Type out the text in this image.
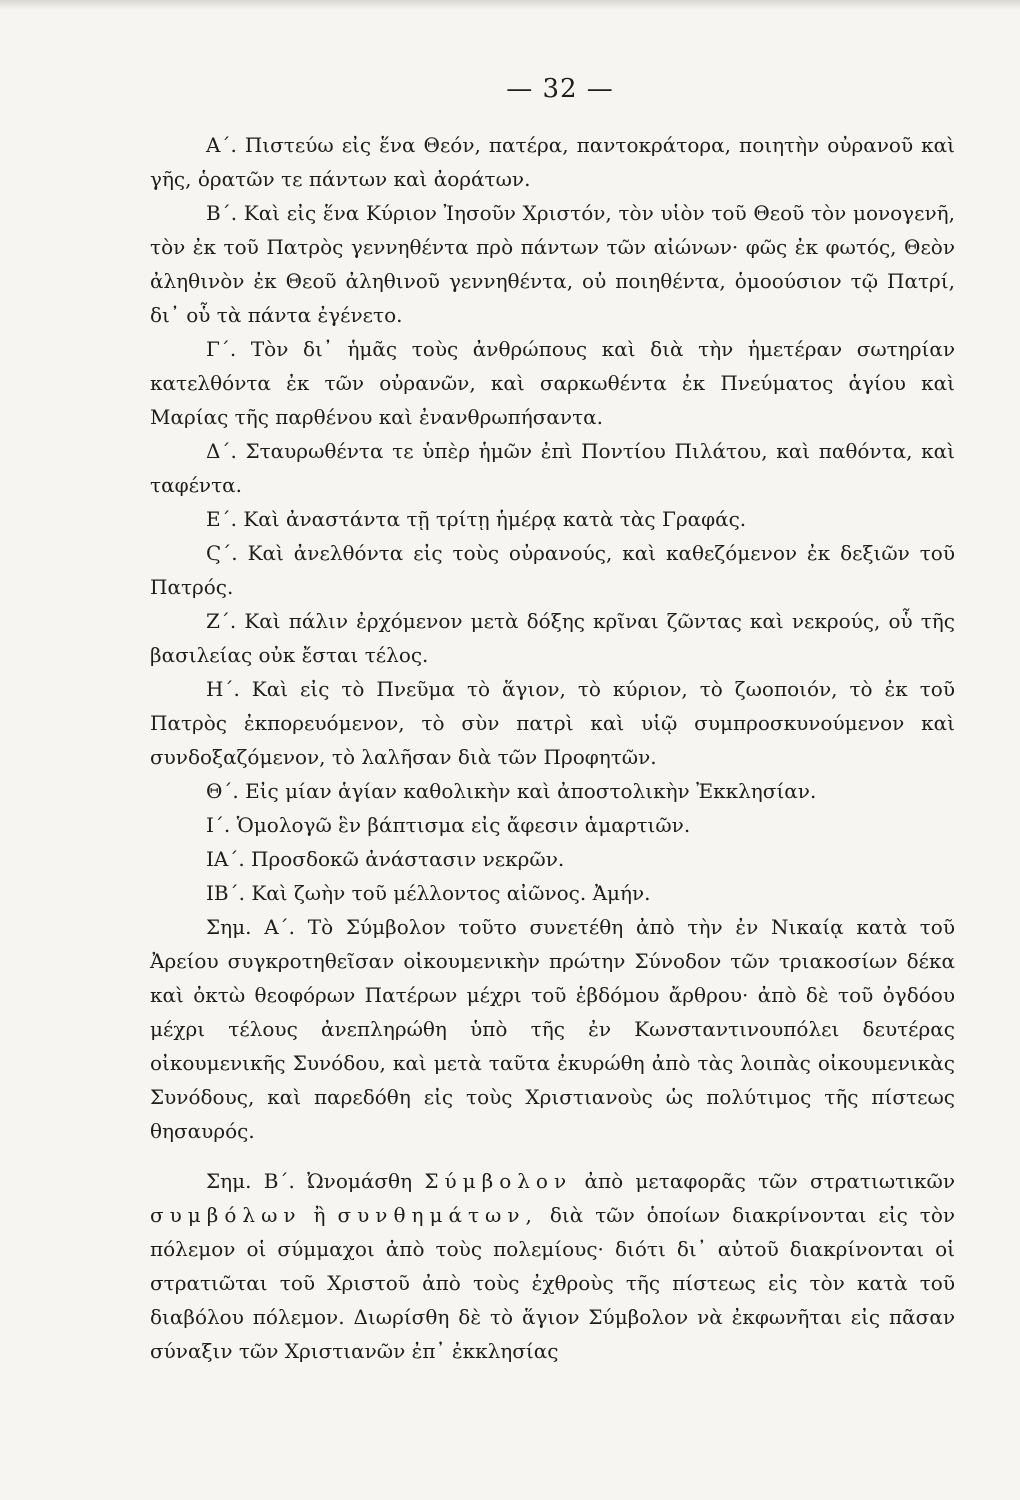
— 32 —

Α΄. Πιστεύω εἰς ἕνα Θεόν, πατέρα, παντοκράτορα, ποιητὴν οὐρανοῦ καὶ γῆς, ὁρατῶν τε πάντων καὶ ἀοράτων.

Β΄. Καὶ εἰς ἕνα Κύριον Ἰησοῦν Χριστόν, τὸν υἱὸν τοῦ Θεοῦ τὸν μονογενῆ, τὸν ἐκ τοῦ Πατρὸς γεννηθέντα πρὸ πάντων τῶν αἰώνων· φῶς ἐκ φωτός, Θεὸν ἀληθινὸν ἐκ Θεοῦ ἀληθινοῦ γεννηθέντα, οὐ ποιηθέντα, ὁμοούσιον τῷ Πατρί, δι᾽ οὗ τὰ πάντα ἐγένετο.

Γ΄. Τὸν δι᾽ ἡμᾶς τοὺς ἀνθρώπους καὶ διὰ τὴν ἡμετέραν σωτηρίαν κατελθόντα ἐκ τῶν οὐρανῶν, καὶ σαρκωθέντα ἐκ Πνεύματος ἁγίου καὶ Μαρίας τῆς παρθένου καὶ ἐνανθρωπήσαντα.

Δ΄. Σταυρωθέντα τε ὑπὲρ ἡμῶν ἐπὶ Ποντίου Πιλάτου, καὶ παθόντα, καὶ ταφέντα.

Ε΄. Καὶ ἀναστάντα τῇ τρίτῃ ἡμέρᾳ κατὰ τὰς Γραφάς.

Ϛ΄. Καὶ ἀνελθόντα εἰς τοὺς οὐρανούς, καὶ καθεζόμενον ἐκ δεξιῶν τοῦ Πατρός.

Ζ΄. Καὶ πάλιν ἐρχόμενον μετὰ δόξης κρῖναι ζῶντας καὶ νεκρούς, οὗ τῆς βασιλείας οὐκ ἔσται τέλος.

Η΄. Καὶ εἰς τὸ Πνεῦμα τὸ ἅγιον, τὸ κύριον, τὸ ζωοποιόν, τὸ ἐκ τοῦ Πατρὸς ἐκπορευόμενον, τὸ σὺν πατρὶ καὶ υἱῷ συμπροσκυνούμενον καὶ συνδοξαζόμενον, τὸ λαλῆσαν διὰ τῶν Προφητῶν.

Θ΄. Εἰς μίαν ἁγίαν καθολικὴν καὶ ἀποστολικὴν Ἐκκλησίαν.

Ι΄. Ὁμολογῶ ἓν βάπτισμα εἰς ἄφεσιν ἁμαρτιῶν.

ΙΑ΄. Προσδοκῶ ἀνάστασιν νεκρῶν.

ΙΒ΄. Καὶ ζωὴν τοῦ μέλλοντος αἰῶνος. Ἀμήν.

Σημ. Α΄. Τὸ Σύμβολον τοῦτο συνετέθη ἀπὸ τὴν ἐν Νικαίᾳ κατὰ τοῦ Ἀρείου συγκροτηθεῖσαν οἰκουμενικὴν πρώτην Σύνοδον τῶν τριακοσίων δέκα καὶ ὀκτὼ θεοφόρων Πατέρων μέχρι τοῦ ἑβδόμου ἄρθρου· ἀπὸ δὲ τοῦ ὀγδόου μέχρι τέλους ἀνεπληρώθη ὑπὸ τῆς ἐν Κωνσταντινουπόλει δευτέρας οἰκουμενικῆς Συνόδου, καὶ μετὰ ταῦτα ἐκυρώθη ἀπὸ τὰς λοιπὰς οἰκουμενικὰς Συνόδους, καὶ παρεδόθη εἰς τοὺς Χριστιανοὺς ὡς πολύτιμος τῆς πίστεως θησαυρός.

Σημ. Β΄. Ὠνομάσθη Σύμβολον ἀπὸ μεταφορᾶς τῶν στρατιωτικῶν συμβόλων ἢ συνθημάτων, διὰ τῶν ὁποίων διακρίνονται εἰς τὸν πόλεμον οἱ σύμμαχοι ἀπὸ τοὺς πολεμίους· διότι δι᾽ αὐτοῦ διακρίνονται οἱ στρατιῶται τοῦ Χριστοῦ ἀπὸ τοὺς ἐχθροὺς τῆς πίστεως εἰς τὸν κατὰ τοῦ διαβόλου πόλεμον. Διωρίσθη δὲ τὸ ἅγιον Σύμβολον νὰ ἐκφωνῆται εἰς πᾶσαν σύναξιν τῶν Χριστιανῶν ἐπ᾽ ἐκκλησίας
